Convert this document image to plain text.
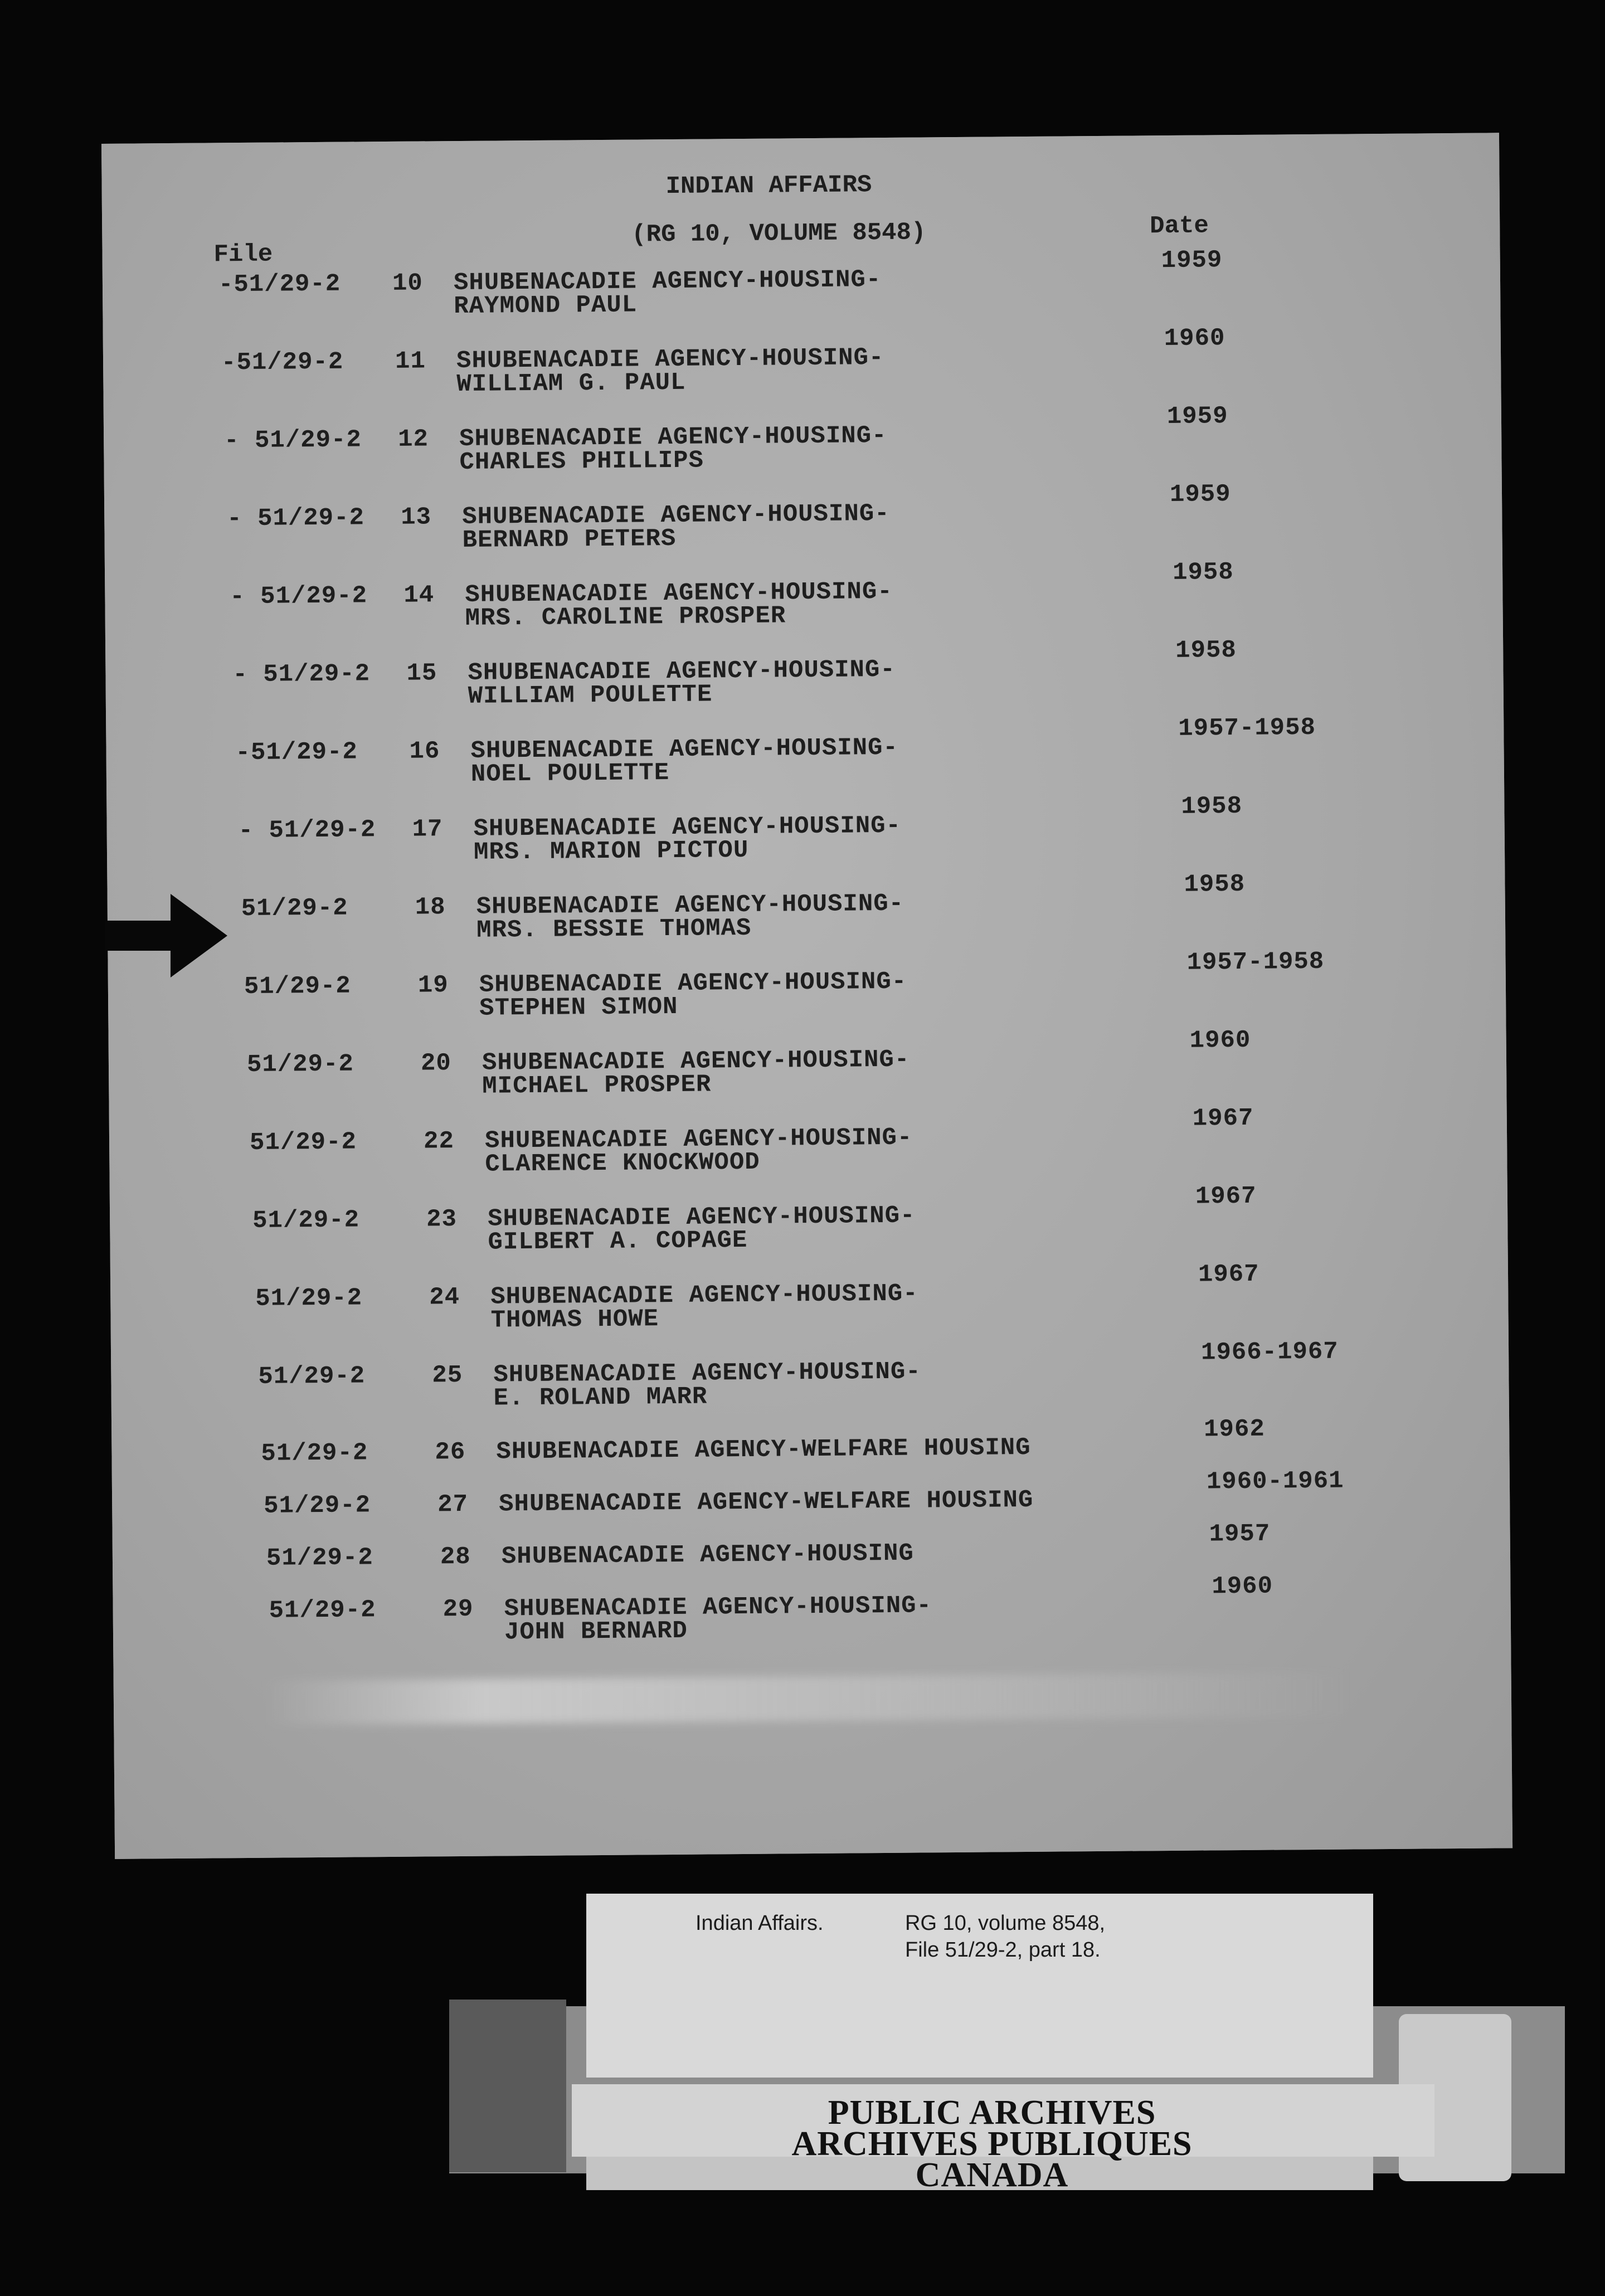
INDIAN AFFAIRS
(RG 10, VOLUME 8548)
File
Date
-51/29-2 10 SHUBENACADIE AGENCY-HOUSING-
RAYMOND PAUL
1959
-51/29-2 11 SHUBENACADIE AGENCY-HOUSING-
WILLIAM G. PAUL
1960
- 51/29-2 12 SHUBENACADIE AGENCY-HOUSING-
CHARLES PHILLIPS
1959
- 51/29-2 13 SHUBENACADIE AGENCY-HOUSING-
BERNARD PETERS
1959
- 51/29-2 14 SHUBENACADIE AGENCY-HOUSING-
MRS. CAROLINE PROSPER
1958
- 51/29-2 15 SHUBENACADIE AGENCY-HOUSING-
WILLIAM POULETTE
1958
-51/29-2 16 SHUBENACADIE AGENCY-HOUSING-
NOEL POULETTE
1957-1958
- 51/29-2 17 SHUBENACADIE AGENCY-HOUSING-
MRS. MARION PICTOU
1958
51/29-2	18 SHUBENACADIE AGENCY-HOUSING-
MRS. BESSIE THOMAS
1958
51/29-2	19 SHUBENACADIE AGENCY-HOUSING-
STEPHEN SIMON
1957-1958
51/29-2	20 SHUBENACADIE AGENCY-HOUSING-
MICHAEL PROSPER
1960
51/29-2	22 SHUBENACADIE AGENCY-HOUSING-
CLARENCE KNOCKWOOD
1967
51/29-2	23 SHUBENACADIE AGENCY-HOUSING-
GILBERT A. COPAGE
1967
51/29-2	24 SHUBENACADIE AGENCY-HOUSING-
THOMAS HOWE
1967
51/29-2	25 SHUBENACADIE AGENCY-HOUSING-
E. ROLAND MARR
1966-1967
51/29-2	26 SHUBENACADIE AGENCY-WELFARE HOUSING
1962
51/29-2	27 SHUBENACADIE AGENCY-WELFARE HOUSING
1960-1961
51/29-2	28 SHUBENACADIE AGENCY-HOUSING
1957
51/29-2	29 SHUBENACADIE AGENCY-HOUSING-
JOHN BERNARD
1960
Indian Affairs.	RG 10, volume 8548,
File 51/29-2, part 18.
PUBLIC ARCHIVES
ARCHIVES PUBLIQUES
CANADA
